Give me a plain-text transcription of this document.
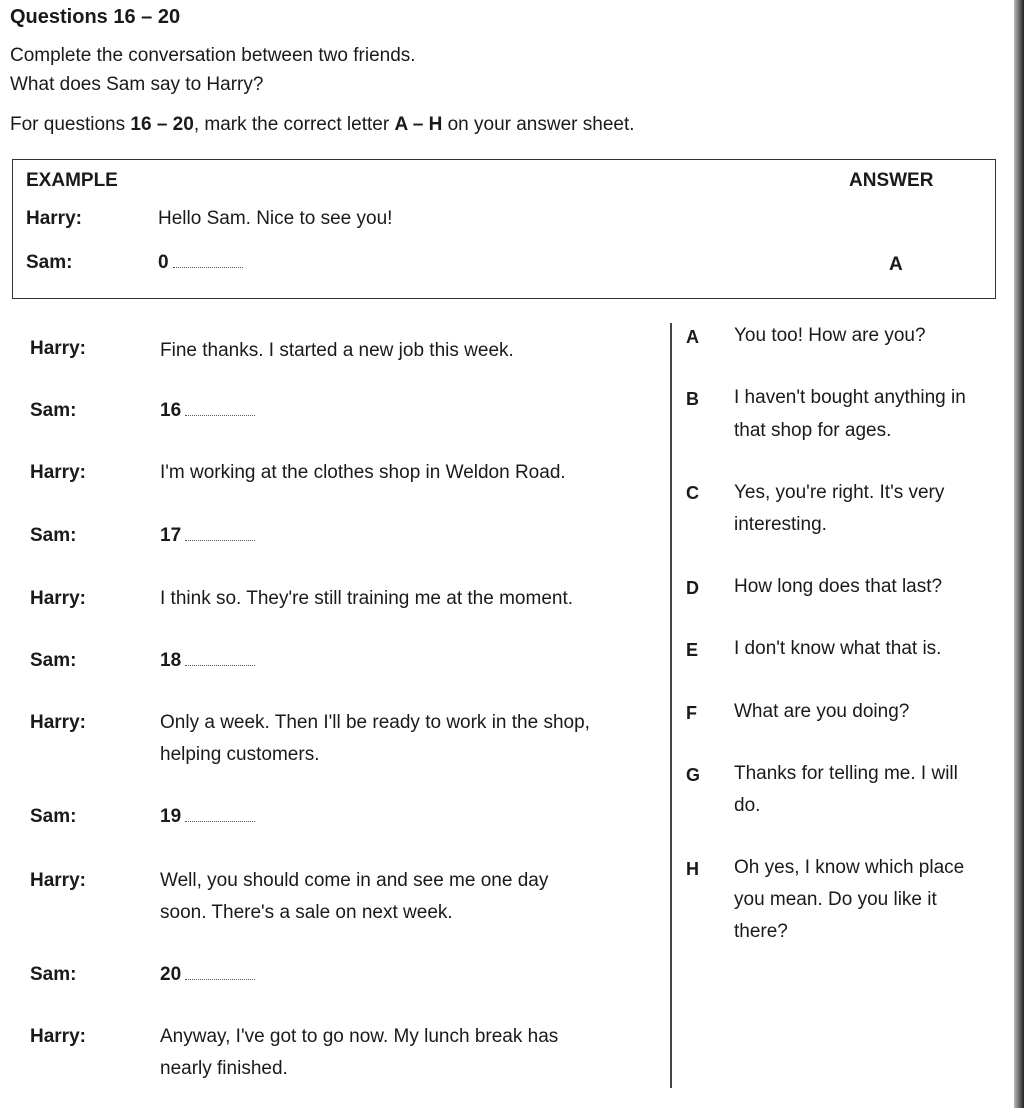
Questions 16 – 20
Complete the conversation between two friends.
What does Sam say to Harry?
For questions 16 – 20, mark the correct letter A – H on your answer sheet.
EXAMPLE	ANSWER
Harry:	Hello Sam. Nice to see you!
Sam:	0	A
Harry:	Fine thanks. I started a new job this week.
Sam:	16
Harry:	I'm working at the clothes shop in Weldon Road.
Sam:	17
Harry:	I think so. They're still training me at the moment.
Sam:	18
Harry:	Only a week. Then I'll be ready to work in the shop,
helping customers.
Sam:	19
Harry:	Well, you should come in and see me one day
soon. There's a sale on next week.
Sam:	20
Harry:	Anyway, I've got to go now. My lunch break has
nearly finished.
A You too! How are you?
B I haven't bought anything in
that shop for ages.
C Yes, you're right. It's very
interesting.
D How long does that last?
E I don't know what that is.
F What are you doing?
G Thanks for telling me. I will
do.
H Oh yes, I know which place
you mean. Do you like it
there?
